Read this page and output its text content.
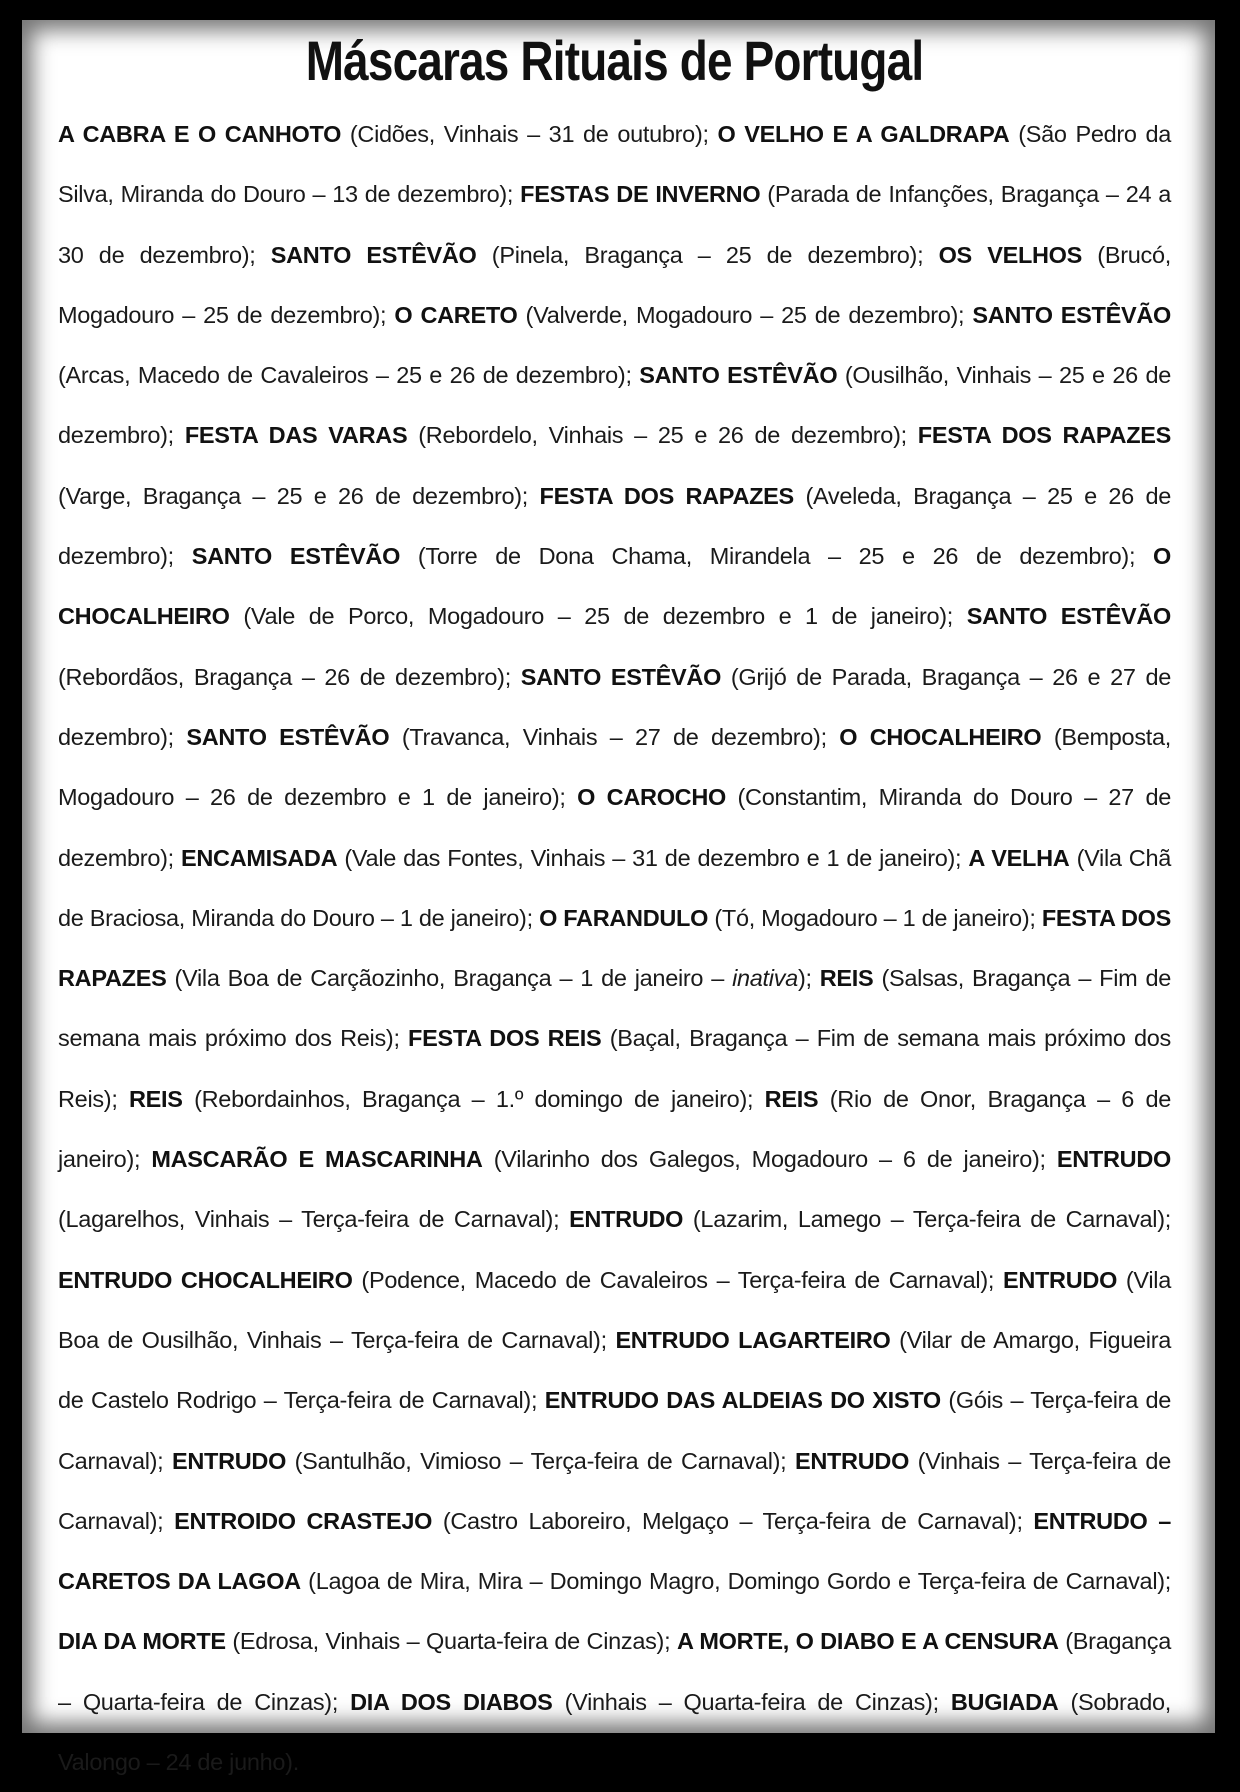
Máscaras Rituais de Portugal
A CABRA E O CANHOTO (Cidões, Vinhais – 31 de outubro); O VELHO E A GALDRAPA (São Pedro da Silva, Miranda do Douro – 13 de dezembro); FESTAS DE INVERNO (Parada de Infanções, Bragança – 24 a 30 de dezembro); SANTO ESTÊVÃO (Pinela, Bragança – 25 de dezembro); OS VELHOS (Brucó, Mogadouro – 25 de dezembro); O CARETO (Valverde, Mogadouro – 25 de dezembro); SANTO ESTÊVÃO (Arcas, Macedo de Cavaleiros – 25 e 26 de dezembro); SANTO ESTÊVÃO (Ousilhão, Vinhais – 25 e 26 de dezembro); FESTA DAS VARAS (Rebordelo, Vinhais – 25 e 26 de dezembro); FESTA DOS RAPAZES (Varge, Bragança – 25 e 26 de dezembro); FESTA DOS RAPAZES (Aveleda, Bragança – 25 e 26 de dezembro); SANTO ESTÊVÃO (Torre de Dona Chama, Mirandela – 25 e 26 de dezembro); O CHOCALHEIRO (Vale de Porco, Mogadouro – 25 de dezembro e 1 de janeiro); SANTO ESTÊVÃO (Rebordãos, Bragança – 26 de dezembro); SANTO ESTÊVÃO (Grijó de Parada, Bragança – 26 e 27 de dezembro); SANTO ESTÊVÃO (Travanca, Vinhais – 27 de dezembro); O CHOCALHEIRO (Bemposta, Mogadouro – 26 de dezembro e 1 de janeiro); O CAROCHO (Constantim, Miranda do Douro – 27 de dezembro); ENCAMISADA (Vale das Fontes, Vinhais – 31 de dezembro e 1 de janeiro); A VELHA (Vila Chã de Braciosa, Miranda do Douro – 1 de janeiro); O FARANDULO (Tó, Mogadouro – 1 de janeiro); FESTA DOS RAPAZES (Vila Boa de Carçãozinho, Bragança – 1 de janeiro – inativa); REIS (Salsas, Bragança – Fim de semana mais próximo dos Reis); FESTA DOS REIS (Baçal, Bragança – Fim de semana mais próximo dos Reis); REIS (Rebordainhos, Bragança – 1.º domingo de janeiro); REIS (Rio de Onor, Bragança – 6 de janeiro); MASCARÃO E MASCARINHA (Vilarinho dos Galegos, Mogadouro – 6 de janeiro); ENTRUDO (Lagarelhos, Vinhais – Terça-feira de Carnaval); ENTRUDO (Lazarim, Lamego – Terça-feira de Carnaval); ENTRUDO CHOCALHEIRO (Podence, Macedo de Cavaleiros – Terça-feira de Carnaval); ENTRUDO (Vila Boa de Ousilhão, Vinhais – Terça-feira de Carnaval); ENTRUDO LAGARTEIRO (Vilar de Amargo, Figueira de Castelo Rodrigo – Terça-feira de Carnaval); ENTRUDO DAS ALDEIAS DO XISTO (Góis – Terça-feira de Carnaval); ENTRUDO (Santulhão, Vimioso – Terça-feira de Carnaval); ENTRUDO (Vinhais – Terça-feira de Carnaval); ENTROIDO CRASTEJO (Castro Laboreiro, Melgaço – Terça-feira de Carnaval); ENTRUDO – CARETOS DA LAGOA (Lagoa de Mira, Mira – Domingo Magro, Domingo Gordo e Terça-feira de Carnaval); DIA DA MORTE (Edrosa, Vinhais – Quarta-feira de Cinzas); A MORTE, O DIABO E A CENSURA (Bragança – Quarta-feira de Cinzas); DIA DOS DIABOS (Vinhais – Quarta-feira de Cinzas); BUGIADA (Sobrado, Valongo – 24 de junho).
